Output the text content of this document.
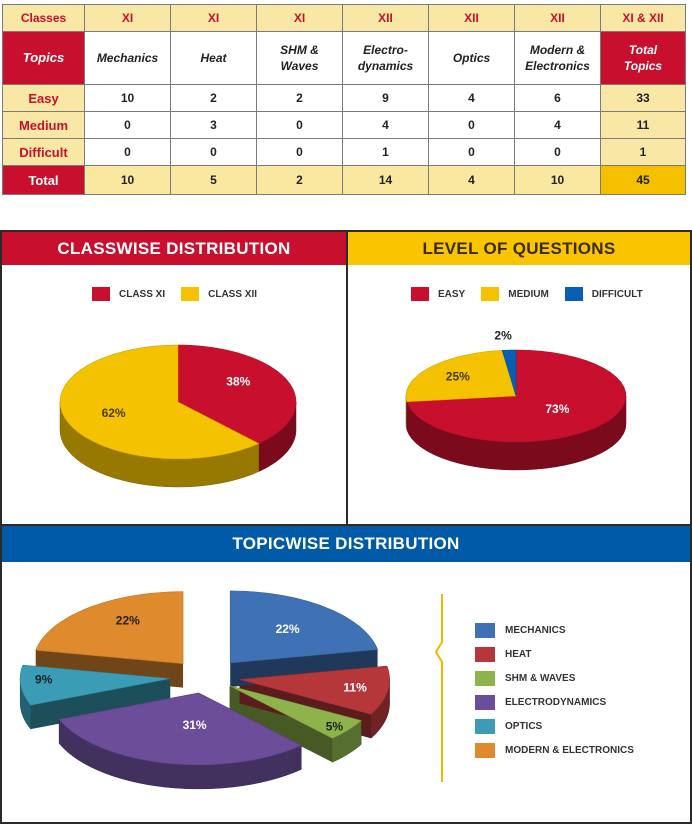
Classes	XI	XI	XI	XII	XII	XII	XI & XII
Topics	Mechanics	Heat	SHM & Waves	Electro-dynamics	Optics	Modern & Electronics	Total Topics
Easy	10	2	2	9	4	6	33
Medium	0	3	0	4	0	4	11
Difficult	0	0	0	1	0	0	1
Total	10	5	2	14	4	10	45
CLASSWISE DISTRIBUTION	LEVEL OF QUESTIONS
TOPICWISE DISTRIBUTION
CLASS XI	CLASS XII	EASY	MEDIUM	DIFFICULT
MECHANICS
HEAT
SHM & WAVES
ELECTRODYNAMICS
OPTICS
MODERN & ELECTRONICS
38%
62%	73%
25%
2%
22%
11%
5%
31%
9%
22%
